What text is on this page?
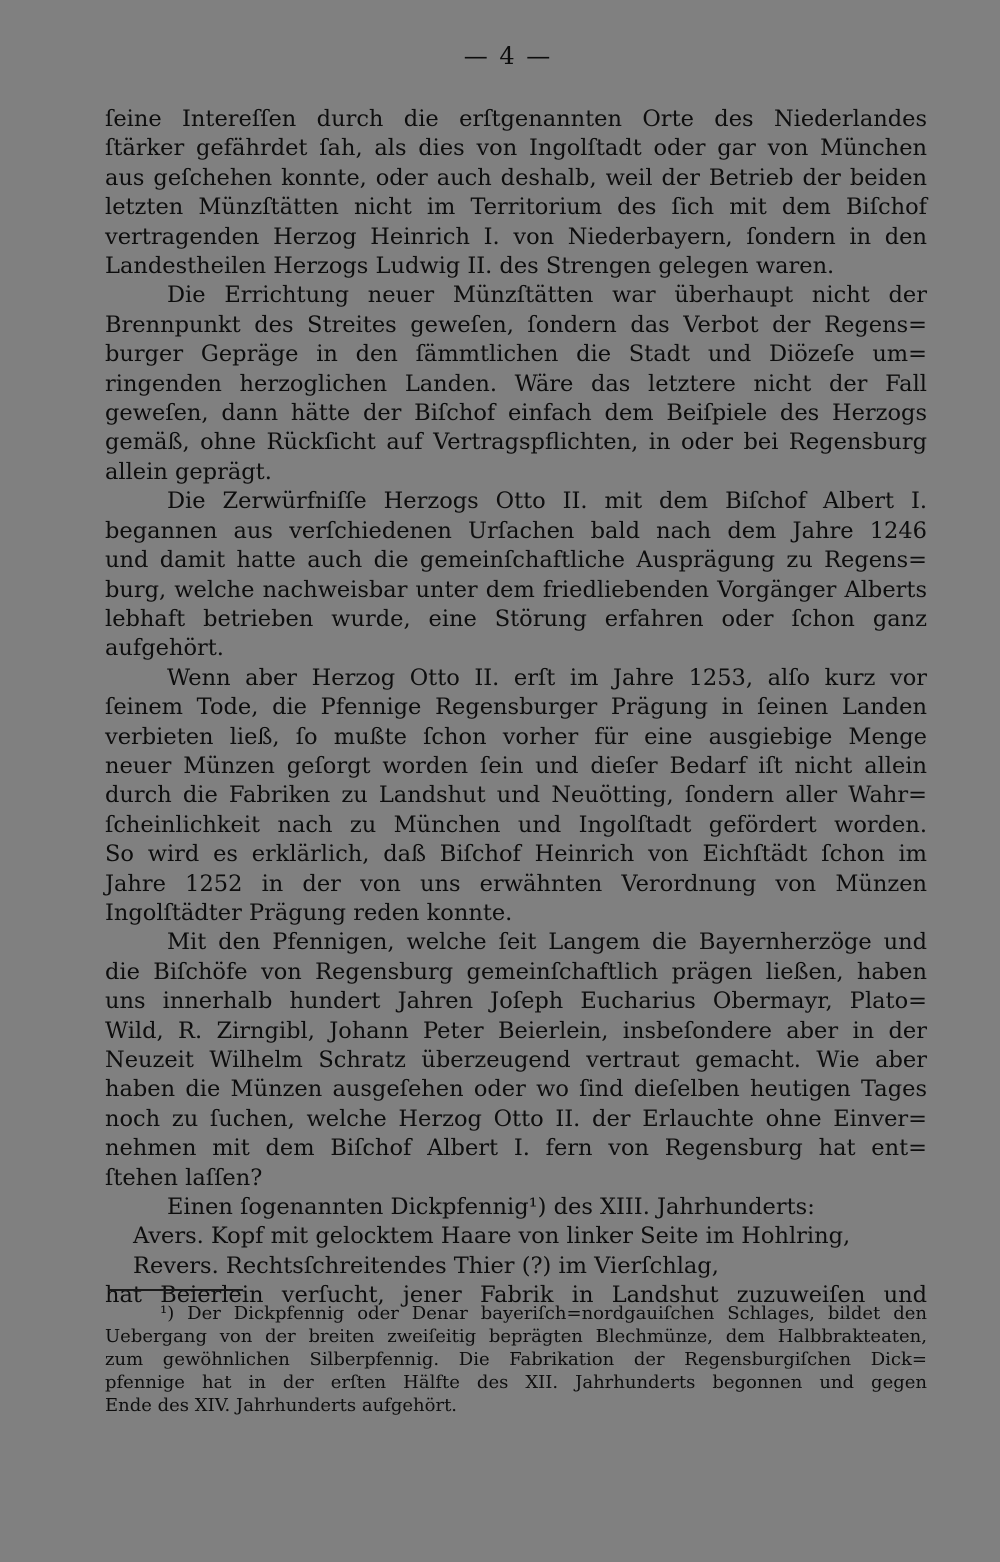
— 4 —
ſeine Intereſſen durch die erſtgenannten Orte des Niederlandes
ſtärker gefährdet ſah, als dies von Ingolſtadt oder gar von München
aus geſchehen konnte, oder auch deshalb, weil der Betrieb der beiden
letzten Münzſtätten nicht im Territorium des ſich mit dem Biſchof
vertragenden Herzog Heinrich I. von Niederbayern, ſondern in den
Landestheilen Herzogs Ludwig II. des Strengen gelegen waren.
Die Errichtung neuer Münzſtätten war überhaupt nicht der
Brennpunkt des Streites geweſen, ſondern das Verbot der Regens=
burger Gepräge in den ſämmtlichen die Stadt und Diözeſe um=
ringenden herzoglichen Landen. Wäre das letztere nicht der Fall
geweſen, dann hätte der Biſchof einfach dem Beiſpiele des Herzogs
gemäß, ohne Rückſicht auf Vertragspflichten, in oder bei Regensburg
allein geprägt.
Die Zerwürfniſſe Herzogs Otto II. mit dem Biſchof Albert I.
begannen aus verſchiedenen Urſachen bald nach dem Jahre 1246
und damit hatte auch die gemeinſchaftliche Ausprägung zu Regens=
burg, welche nachweisbar unter dem friedliebenden Vorgänger Alberts
lebhaft betrieben wurde, eine Störung erfahren oder ſchon ganz
aufgehört.
Wenn aber Herzog Otto II. erſt im Jahre 1253, alſo kurz vor
ſeinem Tode, die Pfennige Regensburger Prägung in ſeinen Landen
verbieten ließ, ſo mußte ſchon vorher für eine ausgiebige Menge
neuer Münzen geſorgt worden ſein und dieſer Bedarf iſt nicht allein
durch die Fabriken zu Landshut und Neuötting, ſondern aller Wahr=
ſcheinlichkeit nach zu München und Ingolſtadt gefördert worden.
So wird es erklärlich, daß Biſchof Heinrich von Eichſtädt ſchon im
Jahre 1252 in der von uns erwähnten Verordnung von Münzen
Ingolſtädter Prägung reden konnte.
Mit den Pfennigen, welche ſeit Langem die Bayernherzöge und
die Biſchöfe von Regensburg gemeinſchaftlich prägen ließen, haben
uns innerhalb hundert Jahren Joſeph Eucharius Obermayr, Plato=
Wild, R. Zirngibl, Johann Peter Beierlein, insbeſondere aber in der
Neuzeit Wilhelm Schratz überzeugend vertraut gemacht. Wie aber
haben die Münzen ausgeſehen oder wo ſind dieſelben heutigen Tages
noch zu ſuchen, welche Herzog Otto II. der Erlauchte ohne Einver=
nehmen mit dem Biſchof Albert I. fern von Regensburg hat ent=
ſtehen laſſen?
Einen ſogenannten Dickpfennig¹) des XIII. Jahrhunderts:
Avers. Kopf mit gelocktem Haare von linker Seite im Hohlring,
Revers. Rechtsſchreitendes Thier (?) im Vierſchlag,
hat Beierlein verſucht, jener Fabrik in Landshut zuzuweiſen und
¹) Der Dickpfennig oder Denar bayeriſch=nordgauiſchen Schlages, bildet den
Uebergang von der breiten zweiſeitig beprägten Blechmünze, dem Halbbrakteaten,
zum gewöhnlichen Silberpfennig. Die Fabrikation der Regensburgiſchen Dick=
pfennige hat in der erſten Hälfte des XII. Jahrhunderts begonnen und gegen
Ende des XIV. Jahrhunderts aufgehört.
